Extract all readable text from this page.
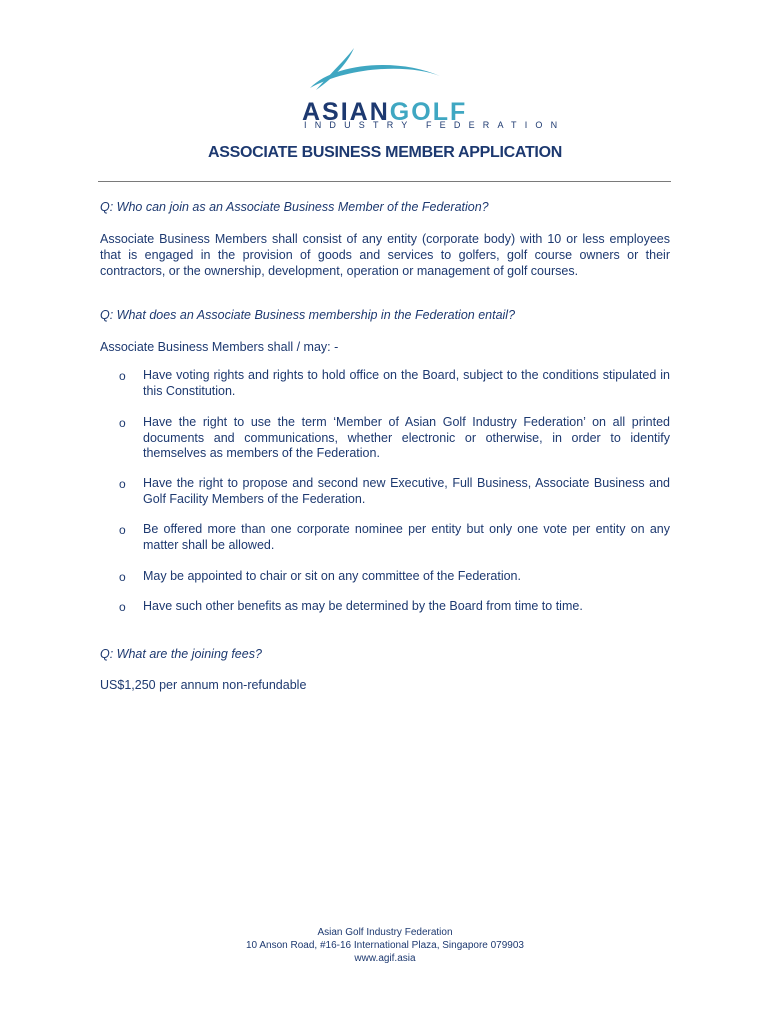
ASIANGOLF
INDUSTRY FEDERATION
ASSOCIATE BUSINESS MEMBER APPLICATION
Q: Who can join as an Associate Business Member of the Federation?
Associate Business Members shall consist of any entity (corporate body) with 10 or less employees that is engaged in the provision of goods and services to golfers, golf course owners or their contractors, or the ownership, development, operation or management of golf courses.
Q: What does an Associate Business membership in the Federation entail?
Associate Business Members shall / may: -
o Have voting rights and rights to hold office on the Board, subject to the conditions stipulated in this Constitution.
o Have the right to use the term ‘Member of Asian Golf Industry Federation’ on all printed documents and communications, whether electronic or otherwise, in order to identify themselves as members of the Federation.
o Have the right to propose and second new Executive, Full Business, Associate Business and Golf Facility Members of the Federation.
o Be offered more than one corporate nominee per entity but only one vote per entity on any matter shall be allowed.
o May be appointed to chair or sit on any committee of the Federation.
o Have such other benefits as may be determined by the Board from time to time.
Q: What are the joining fees?
US$1,250 per annum non-refundable
Asian Golf Industry Federation
10 Anson Road, #16-16 International Plaza, Singapore 079903
www.agif.asia
